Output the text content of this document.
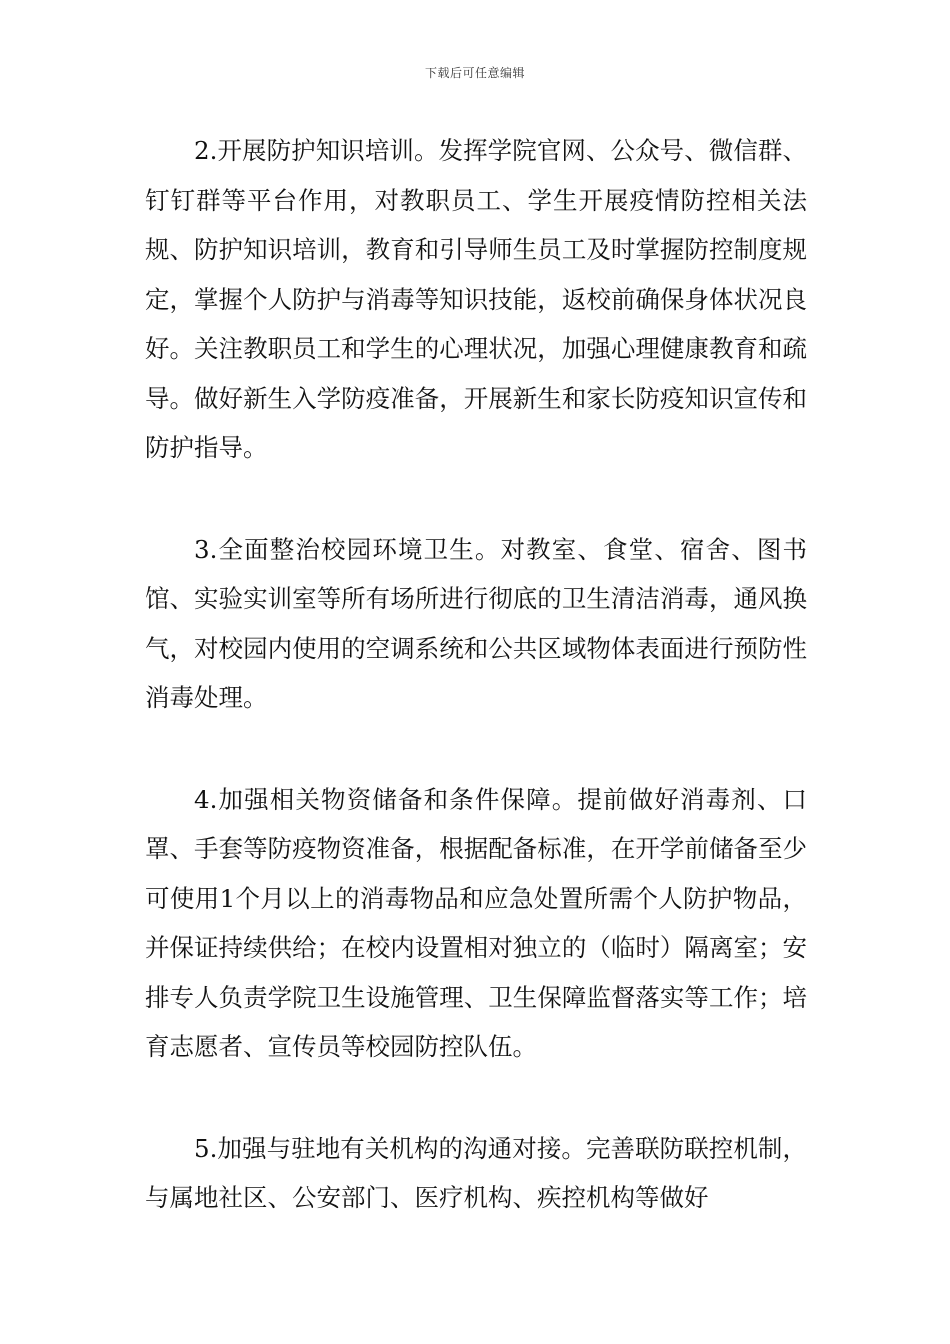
下载后可任意编辑

2.开展防护知识培训。发挥学院官网、公众号、微信群、钉钉群等平台作用，对教职员工、学生开展疫情防控相关法规、防护知识培训，教育和引导师生员工及时掌握防控制度规定，掌握个人防护与消毒等知识技能，返校前确保身体状况良好。关注教职员工和学生的心理状况，加强心理健康教育和疏导。做好新生入学防疫准备，开展新生和家长防疫知识宣传和防护指导。

3.全面整治校园环境卫生。对教室、食堂、宿舍、图书馆、实验实训室等所有场所进行彻底的卫生清洁消毒，通风换气，对校园内使用的空调系统和公共区域物体表面进行预防性消毒处理。

4.加强相关物资储备和条件保障。提前做好消毒剂、口罩、手套等防疫物资准备，根据配备标准，在开学前储备至少可使用1个月以上的消毒物品和应急处置所需个人防护物品，并保证持续供给；在校内设置相对独立的（临时）隔离室；安排专人负责学院卫生设施管理、卫生保障监督落实等工作；培育志愿者、宣传员等校园防控队伍。

5.加强与驻地有关机构的沟通对接。完善联防联控机制，与属地社区、公安部门、医疗机构、疾控机构等做好
